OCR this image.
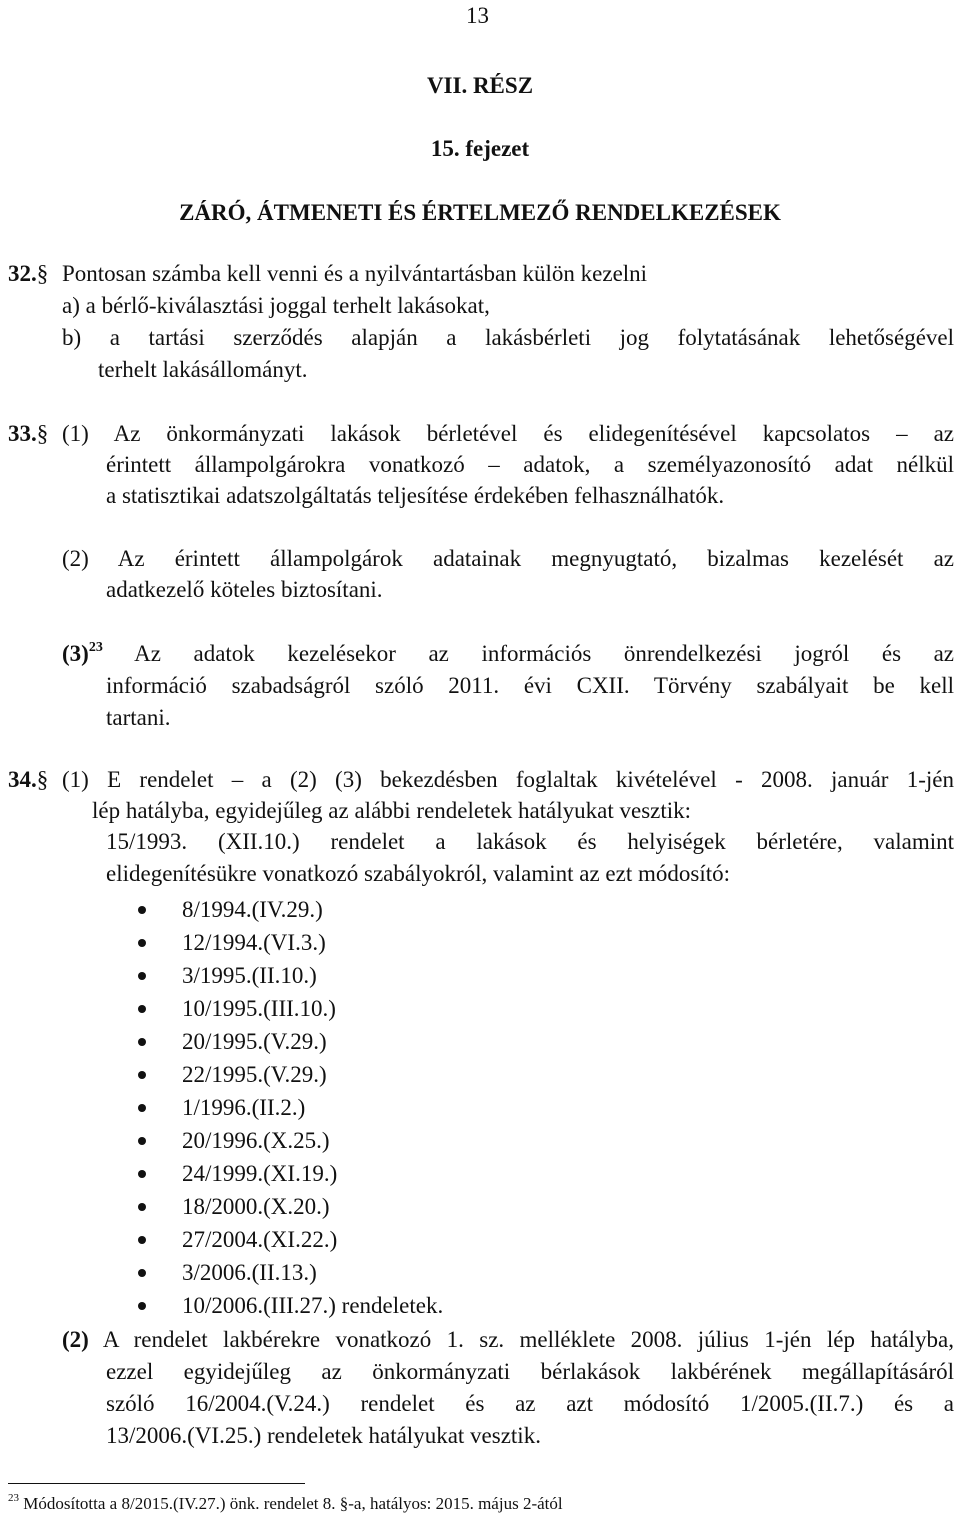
13
VII. RÉSZ
15. fejezet
ZÁRÓ, ÁTMENETI ÉS ÉRTELMEZŐ RENDELKEZÉSEK
32.§ Pontosan számba kell venni és a nyilvántartásban külön kezelni
a) a bérlő-kiválasztási joggal terhelt lakásokat,
b) a tartási szerződés alapján a lakásbérleti jog folytatásának lehetőségével
terhelt lakásállományt.
33.§ (1) Az önkormányzati lakások bérletével és elidegenítésével kapcsolatos – az
érintett állampolgárokra vonatkozó – adatok, a személyazonosító adat nélkül
a statisztikai adatszolgáltatás teljesítése érdekében felhasználhatók.
(2) Az érintett állampolgárok adatainak megnyugtató, bizalmas kezelését az
adatkezelő köteles biztosítani.
$(3)^{23}$ Az adatok kezelésekor az információs önrendelkezési jogról és az
információ szabadságról szóló 2011. évi CXII. Törvény szabályait be kell
tartani.
34.§ (1) E rendelet – a (2) (3) bekezdésben foglaltak kivételével - 2008. január 1-jén
lép hatályba, egyidejűleg az alábbi rendeletek hatályukat vesztik:
15/1993. (XII.10.) rendelet a lakások és helyiségek bérletére, valamint
elidegenítésükre vonatkozó szabályokról, valamint az ezt módosító:
8/1994.(IV.29.)
12/1994.(VI.3.)
3/1995.(II.10.)
10/1995.(III.10.)
20/1995.(V.29.)
22/1995.(V.29.)
1/1996.(II.2.)
20/1996.(X.25.)
24/1999.(XI.19.)
18/2000.(X.20.)
27/2004.(XI.22.)
3/2006.(II.13.)
10/2006.(III.27.) rendeletek.
(2) A rendelet lakbérekre vonatkozó 1. sz. melléklete 2008. július 1-jén lép hatályba,
ezzel egyidejűleg az önkormányzati bérlakások lakbérének megállapításáról
szóló 16/2004.(V.24.) rendelet és az azt módosító 1/2005.(II.7.) és a
13/2006.(VI.25.) rendeletek hatályukat vesztik.
$^{23}$ Módosította a 8/2015.(IV.27.) önk. rendelet 8. §-a, hatályos: 2015. május 2-ától
